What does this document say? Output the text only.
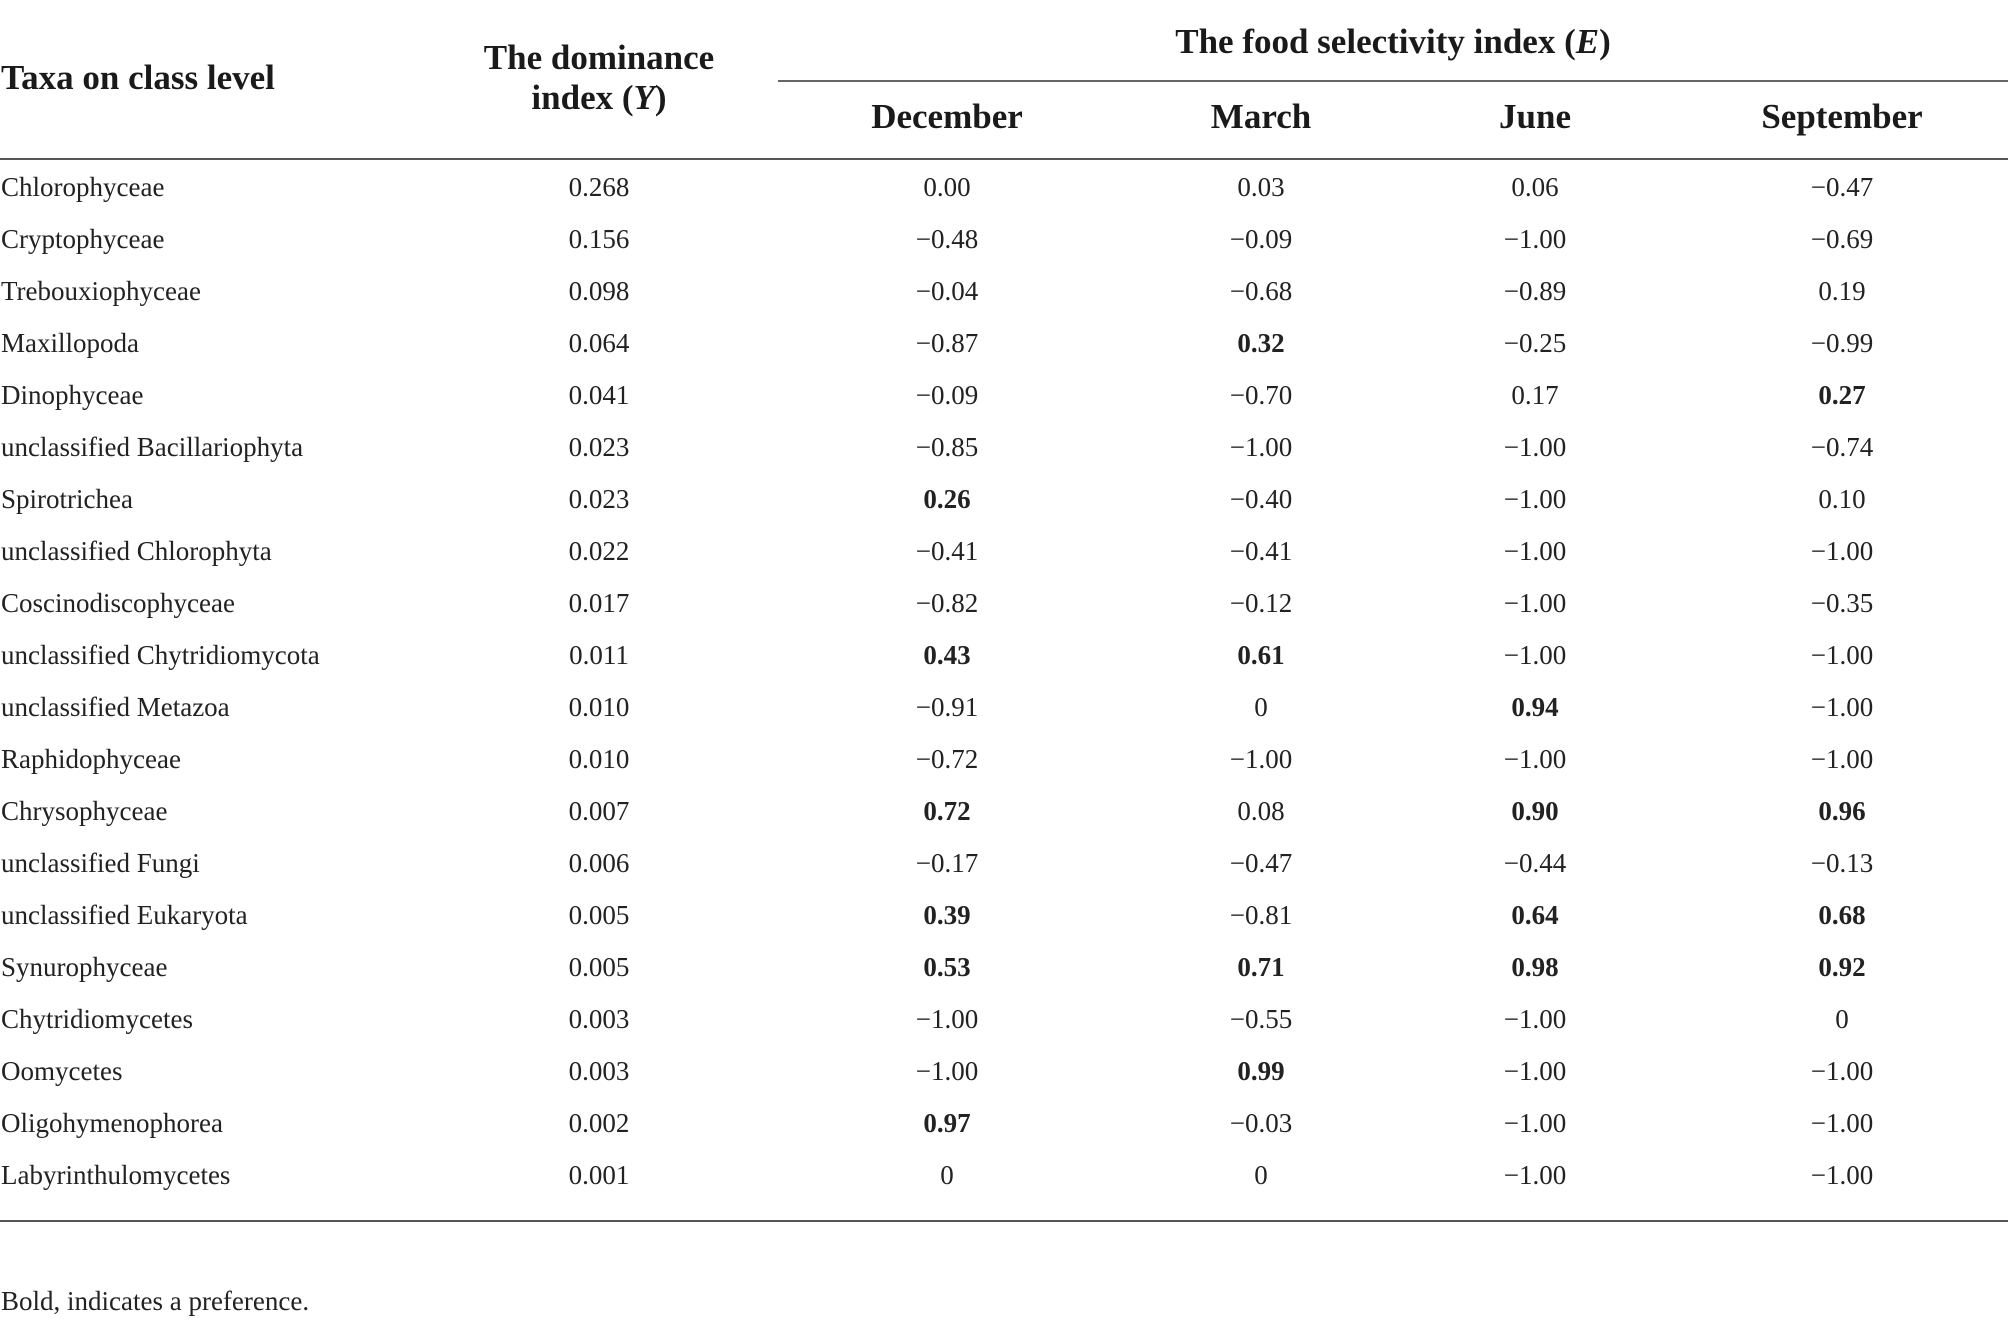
Taxa on class level
The dominance
index (Y)
The food selectivity index (E)
December	March	June	September
Chlorophyceae	0.268	0.00	0.03	0.06	−0.47
Cryptophyceae	0.156	−0.48	−0.09	−1.00	−0.69
Trebouxiophyceae	0.098	−0.04	−0.68	−0.89	0.19
Maxillopoda	0.064	−0.87	0.32	−0.25	−0.99
Dinophyceae	0.041	−0.09	−0.70	0.17	0.27
unclassified Bacillariophyta	0.023	−0.85	−1.00	−1.00	−0.74
Spirotrichea	0.023	0.26	−0.40	−1.00	0.10
unclassified Chlorophyta	0.022	−0.41	−0.41	−1.00	−1.00
Coscinodiscophyceae	0.017	−0.82	−0.12	−1.00	−0.35
unclassified Chytridiomycota	0.011	0.43	0.61	−1.00	−1.00
unclassified Metazoa	0.010	−0.91	0	0.94	−1.00
Raphidophyceae	0.010	−0.72	−1.00	−1.00	−1.00
Chrysophyceae	0.007	0.72	0.08	0.90	0.96
unclassified Fungi	0.006	−0.17	−0.47	−0.44	−0.13
unclassified Eukaryota	0.005	0.39	−0.81	0.64	0.68
Synurophyceae	0.005	0.53	0.71	0.98	0.92
Chytridiomycetes	0.003	−1.00	−0.55	−1.00	0
Oomycetes	0.003	−1.00	0.99	−1.00	−1.00
Oligohymenophorea	0.002	0.97	−0.03	−1.00	−1.00
Labyrinthulomycetes	0.001	0	0	−1.00	−1.00
Bold, indicates a preference.
